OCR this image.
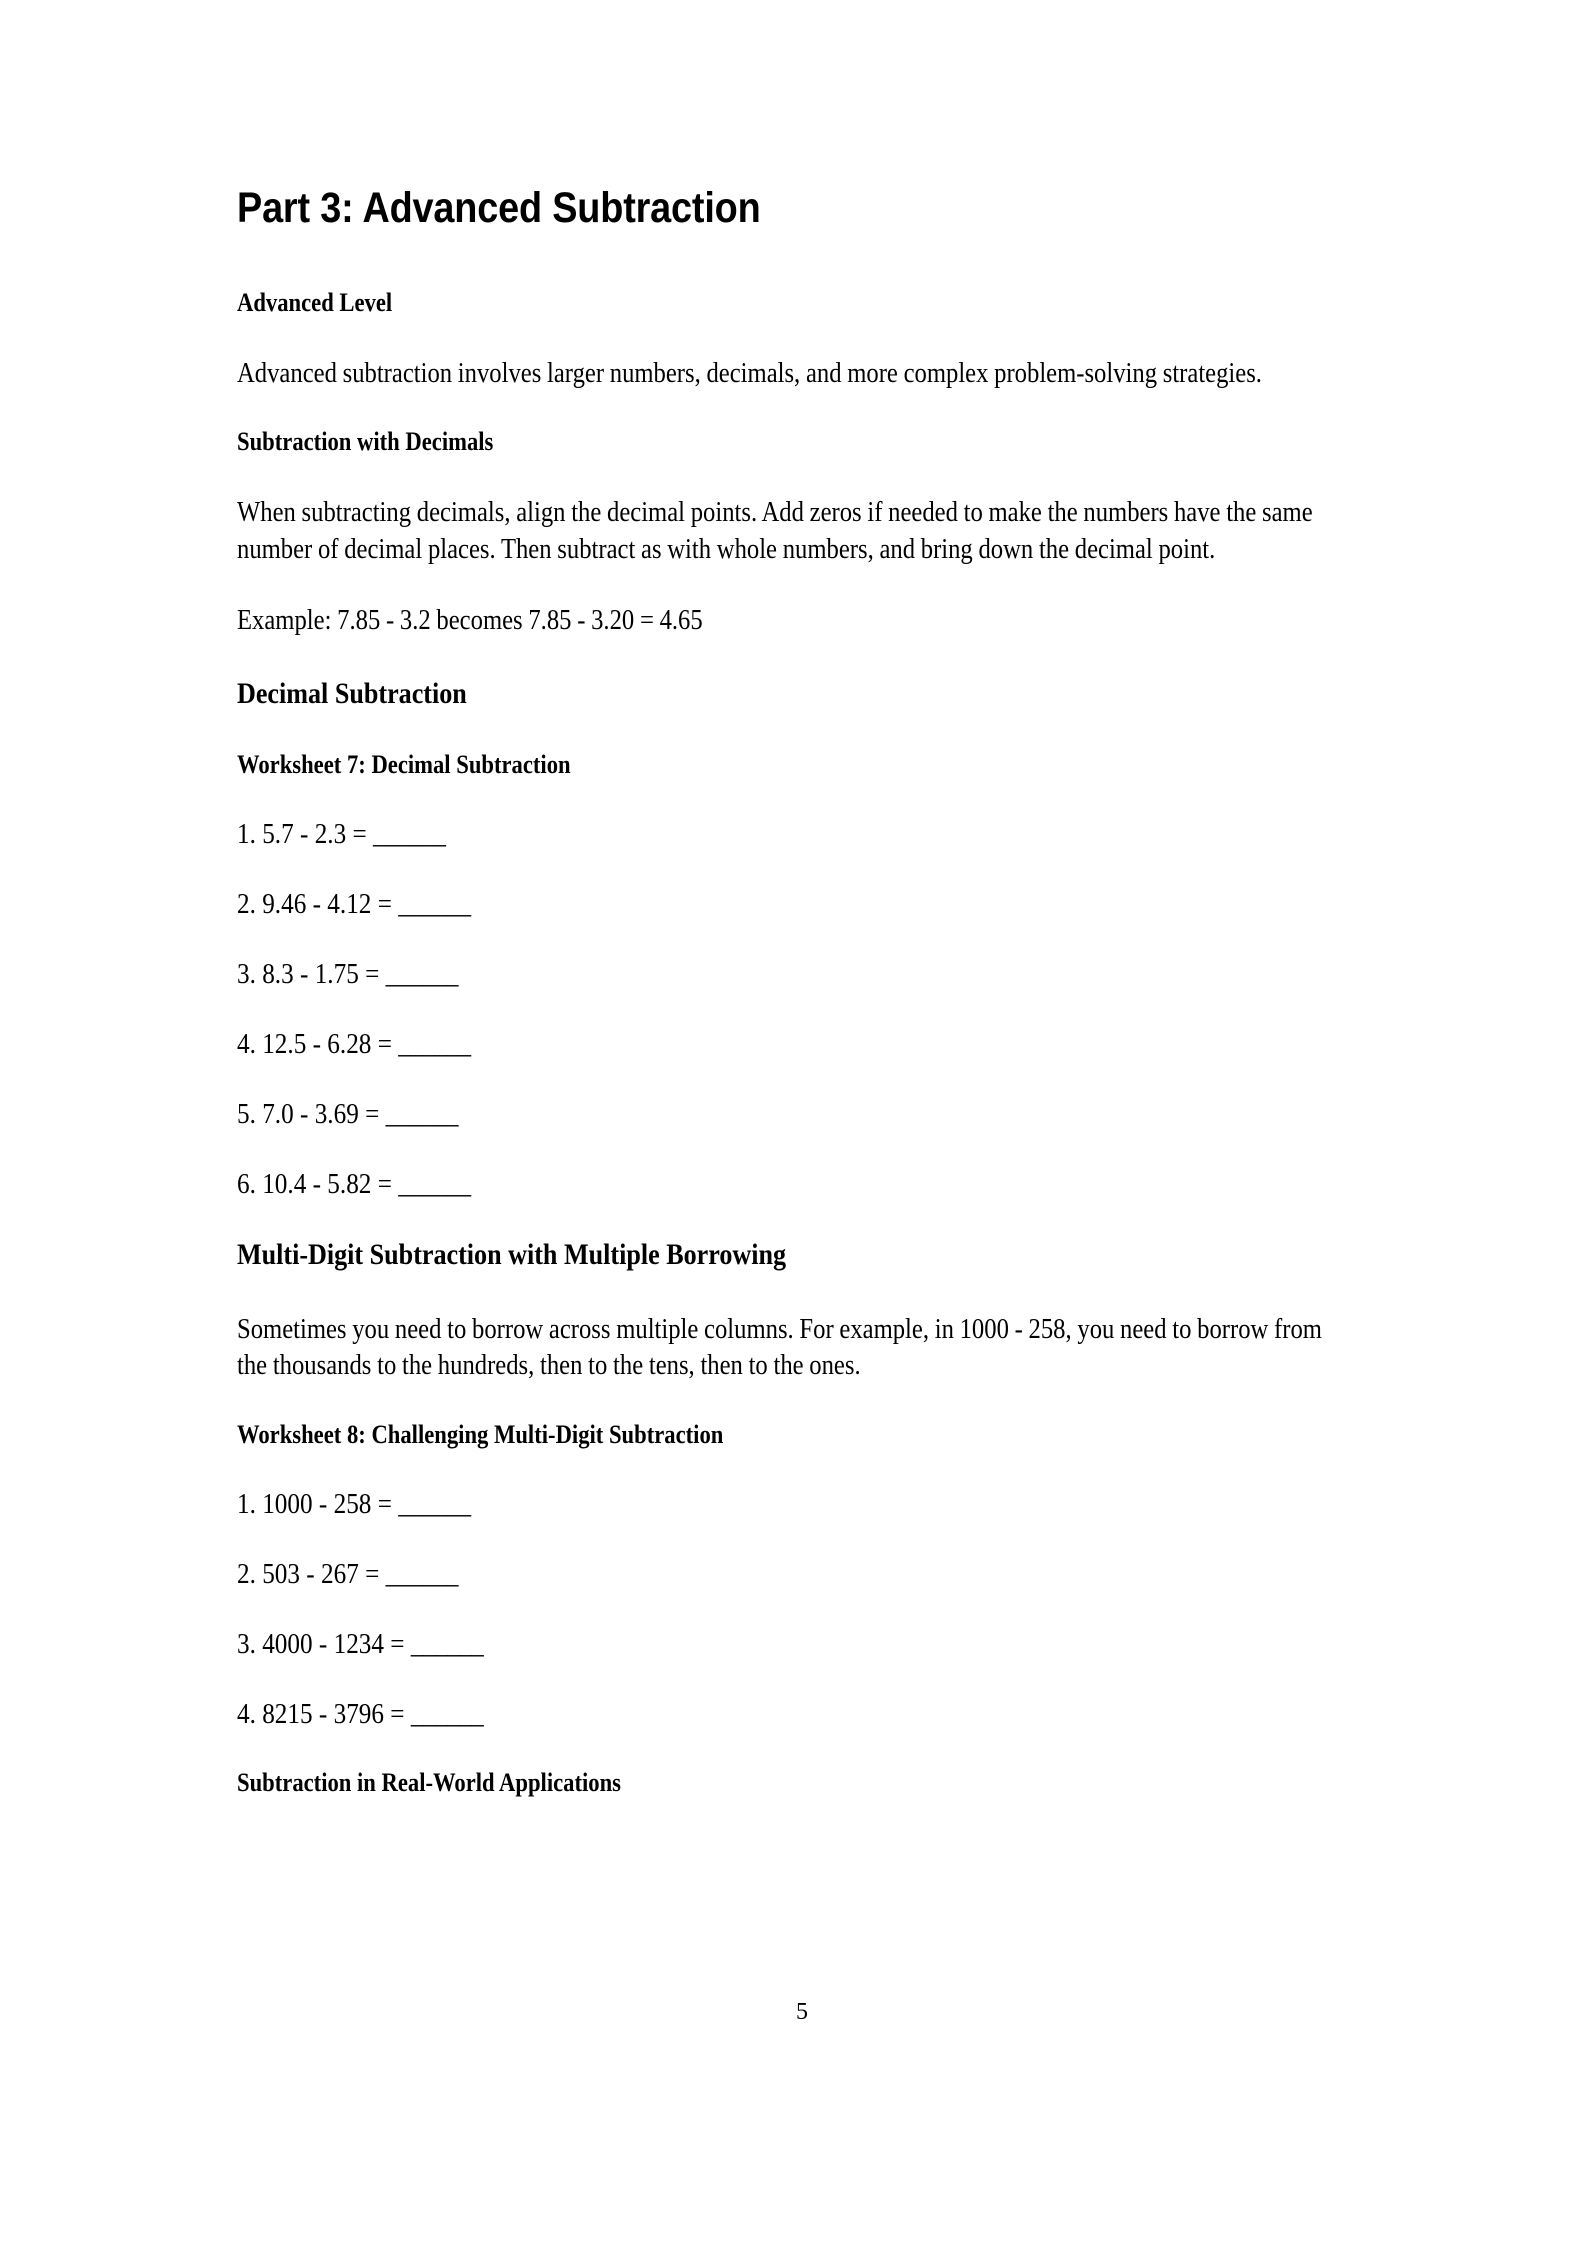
Part 3: Advanced Subtraction
Advanced Level

Advanced subtraction involves larger numbers, decimals, and more complex problem-solving strategies.

Subtraction with Decimals

When subtracting decimals, align the decimal points. Add zeros if needed to make the numbers have the same number of decimal places. Then subtract as with whole numbers, and bring down the decimal point.

Example: 7.85 - 3.2 becomes 7.85 - 3.20 = 4.65

Decimal Subtraction
Worksheet 7: Decimal Subtraction
1. 5.7 - 2.3 = ______
2. 9.46 - 4.12 = ______
3. 8.3 - 1.75 = ______
4. 12.5 - 6.28 = ______
5. 7.0 - 3.69 = ______
6. 10.4 - 5.82 = ______
Multi-Digit Subtraction with Multiple Borrowing

Sometimes you need to borrow across multiple columns. For example, in 1000 - 258, you need to borrow from the thousands to the hundreds, then to the tens, then to the ones.

Worksheet 8: Challenging Multi-Digit Subtraction
1. 1000 - 258 = ______
2. 503 - 267 = ______
3. 4000 - 1234 = ______
4. 8215 - 3796 = ______
Subtraction in Real-World Applications
5
